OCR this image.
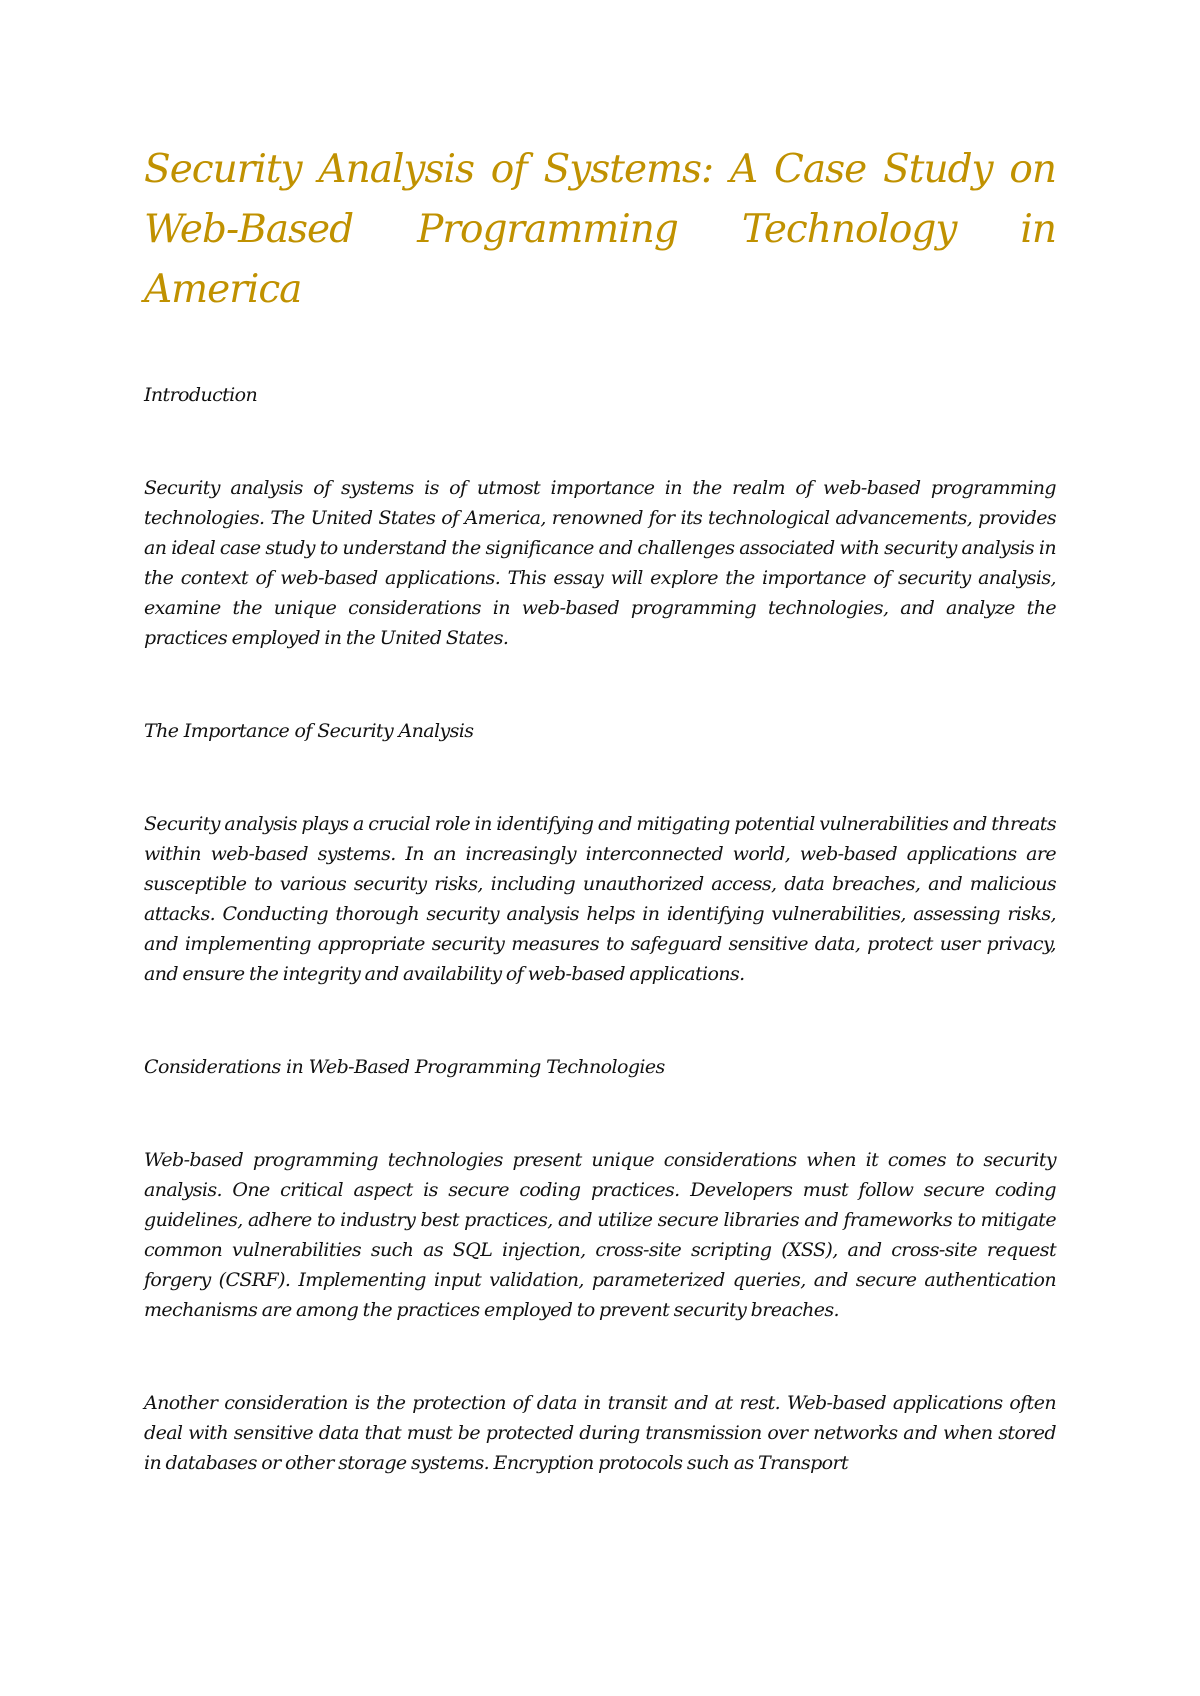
Security Analysis of Systems: A Case Study on Web-Based Programming Technology in America
Introduction

Security analysis of systems is of utmost importance in the realm of web-based programming technologies. The United States of America, renowned for its technological advancements, provides an ideal case study to understand the significance and challenges associated with security analysis in the context of web-based applications. This essay will explore the importance of security analysis, examine the unique considerations in web-based programming technologies, and analyze the practices employed in the United States.

The Importance of Security Analysis

Security analysis plays a crucial role in identifying and mitigating potential vulnerabilities and threats within web-based systems. In an increasingly interconnected world, web-based applications are susceptible to various security risks, including unauthorized access, data breaches, and malicious attacks. Conducting thorough security analysis helps in identifying vulnerabilities, assessing risks, and implementing appropriate security measures to safeguard sensitive data, protect user privacy, and ensure the integrity and availability of web-based applications.

Considerations in Web-Based Programming Technologies

Web-based programming technologies present unique considerations when it comes to security analysis. One critical aspect is secure coding practices. Developers must follow secure coding guidelines, adhere to industry best practices, and utilize secure libraries and frameworks to mitigate common vulnerabilities such as SQL injection, cross-site scripting (XSS), and cross-site request forgery (CSRF). Implementing input validation, parameterized queries, and secure authentication mechanisms are among the practices employed to prevent security breaches.

Another consideration is the protection of data in transit and at rest. Web-based applications often deal with sensitive data that must be protected during transmission over networks and when stored in databases or other storage systems. Encryption protocols such as Transport
